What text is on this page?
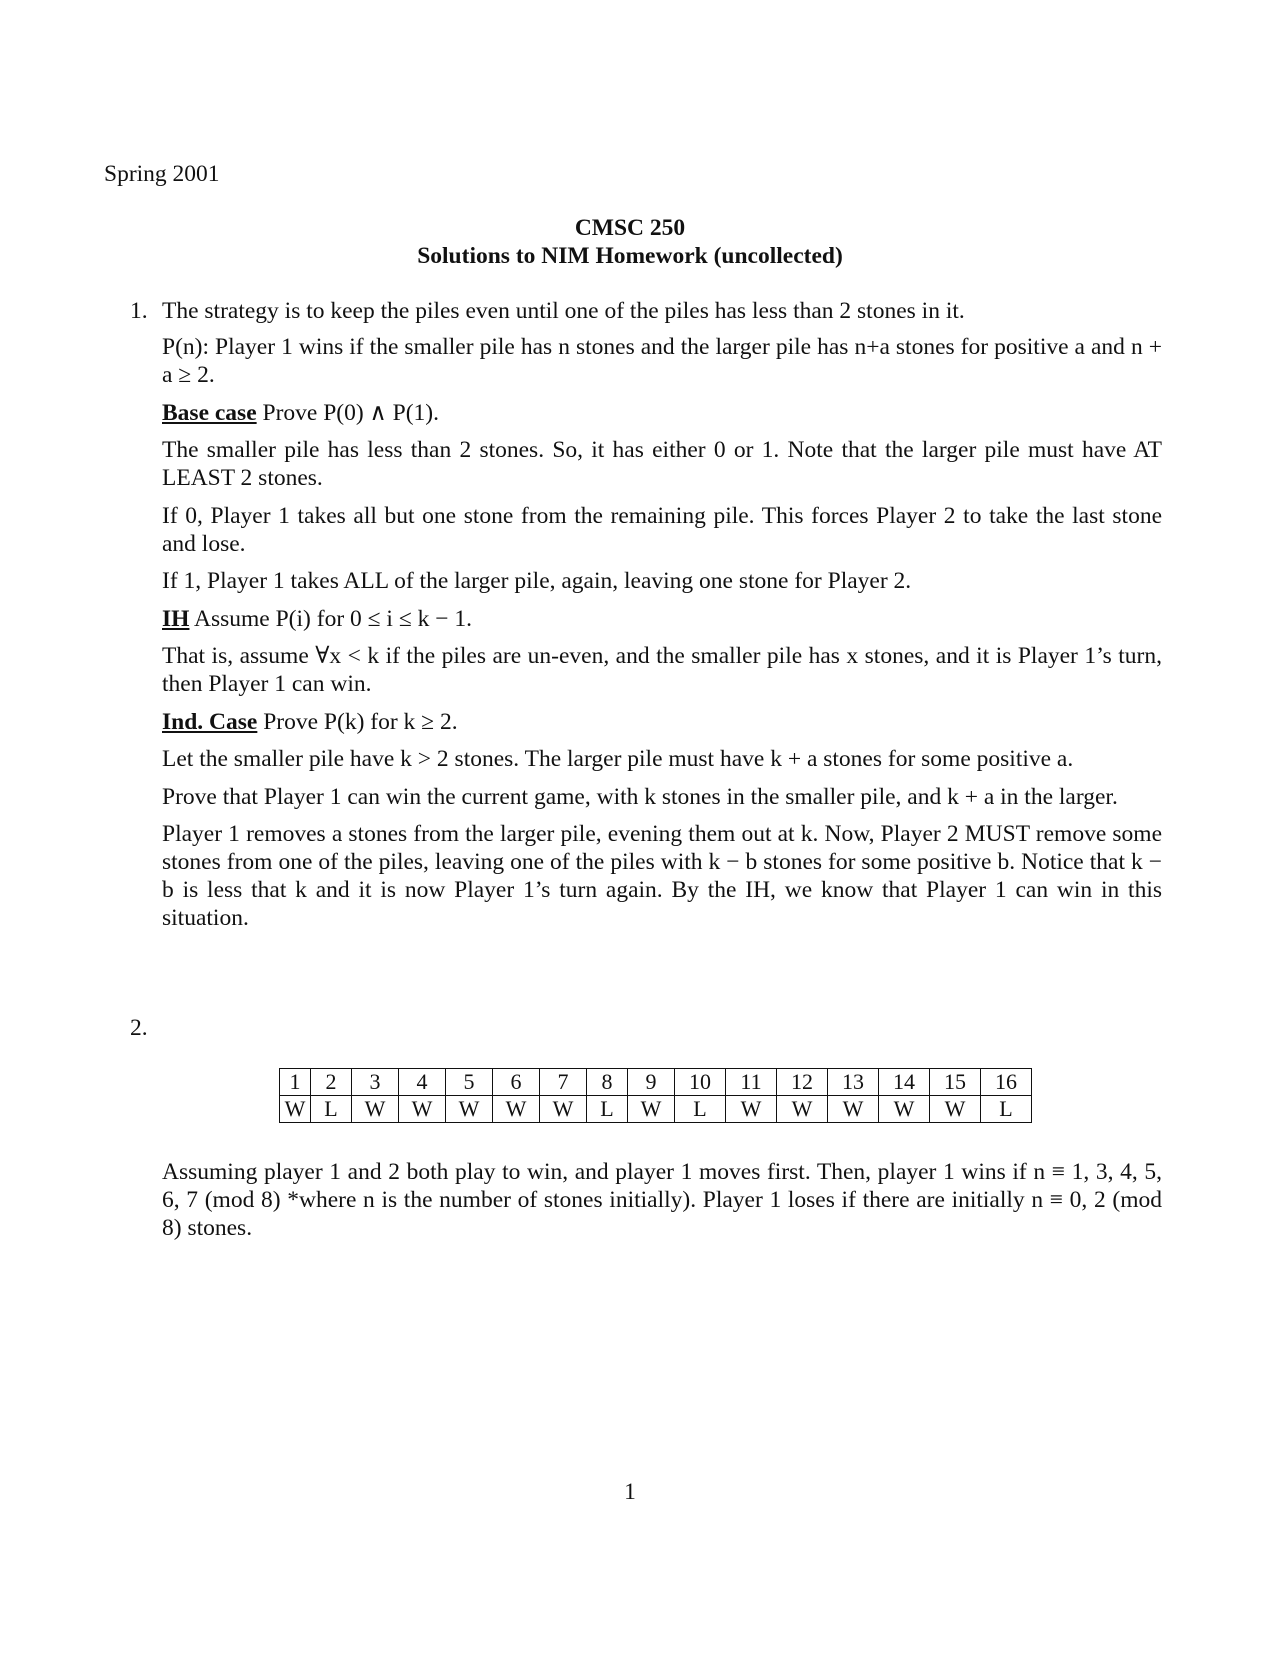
Spring 2001
CMSC 250
Solutions to NIM Homework (uncollected)
1. The strategy is to keep the piles even until one of the piles has less than 2 stones in it.

P(n): Player 1 wins if the smaller pile has n stones and the larger pile has n+a stones for positive a and n + a ≥ 2.

Base case Prove P(0) ∧ P(1).

The smaller pile has less than 2 stones. So, it has either 0 or 1. Note that the larger pile must have AT LEAST 2 stones.

If 0, Player 1 takes all but one stone from the remaining pile. This forces Player 2 to take the last stone and lose.

If 1, Player 1 takes ALL of the larger pile, again, leaving one stone for Player 2.

IH Assume P(i) for 0 ≤ i ≤ k − 1.

That is, assume ∀x < k if the piles are un-even, and the smaller pile has x stones, and it is Player 1’s turn, then Player 1 can win.

Ind. Case Prove P(k) for k ≥ 2.

Let the smaller pile have k > 2 stones. The larger pile must have k + a stones for some positive a.

Prove that Player 1 can win the current game, with k stones in the smaller pile, and k + a in the larger.

Player 1 removes a stones from the larger pile, evening them out at k. Now, Player 2 MUST remove some stones from one of the piles, leaving one of the piles with k − b stones for some positive b. Notice that k − b is less that k and it is now Player 1’s turn again. By the IH, we know that Player 1 can win in this situation.

2.
1	2	3	4	5	6	7	8	9	10	11	12	13	14	15	16
W	L	W	W	W	W	W	L	W	L	W	W	W	W	W	L

Assuming player 1 and 2 both play to win, and player 1 moves first. Then, player 1 wins if n ≡ 1, 3, 4, 5, 6, 7 (mod 8) *where n is the number of stones initially). Player 1 loses if there are initially n ≡ 0, 2 (mod 8) stones.

1
